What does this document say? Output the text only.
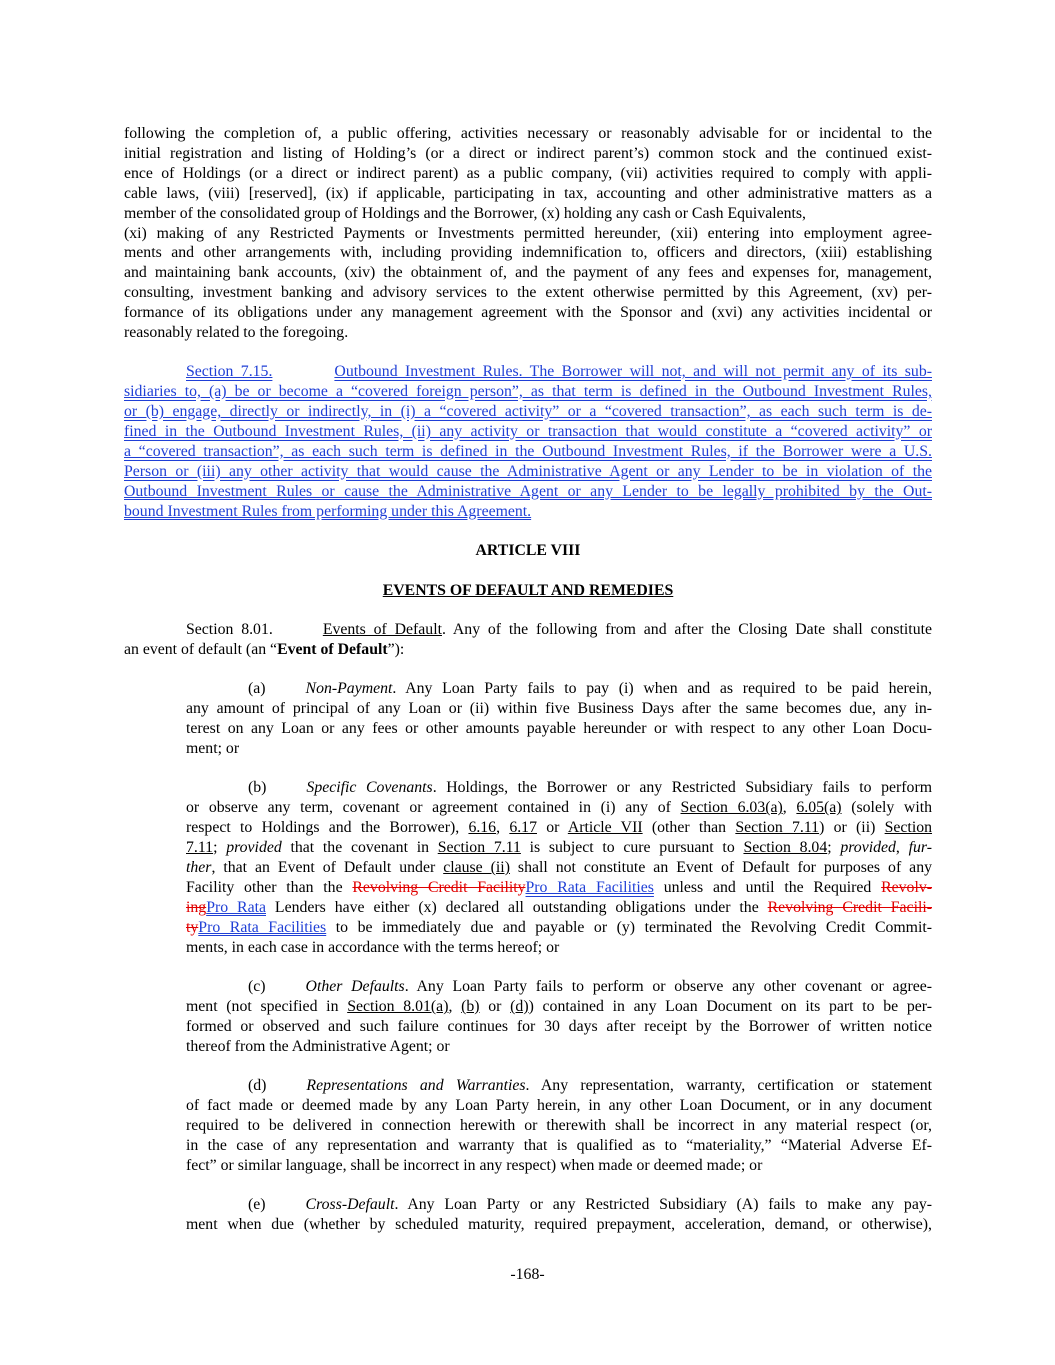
following the completion of, a public offering, activities necessary or reasonably advisable for or incidental to the
initial registration and listing of Holding’s (or a direct or indirect parent’s) common stock and the continued exist-
ence of Holdings (or a direct or indirect parent) as a public company, (vii) activities required to comply with appli-
cable laws, (viii) [reserved], (ix) if applicable, participating in tax, accounting and other administrative matters as a
member of the consolidated group of Holdings and the Borrower, (x) holding any cash or Cash Equivalents,
(xi) making of any Restricted Payments or Investments permitted hereunder, (xii) entering into employment agree-
ments and other arrangements with, including providing indemnification to, officers and directors, (xiii) establishing
and maintaining bank accounts, (xiv) the obtainment of, and the payment of any fees and expenses for, management,
consulting, investment banking and advisory services to the extent otherwise permitted by this Agreement, (xv) per-
formance of its obligations under any management agreement with the Sponsor and (xvi) any activities incidental or
reasonably related to the foregoing.
Section 7.15.	Outbound Investment Rules. The Borrower will not, and will not permit any of its sub-
sidiaries to, (a) be or become a “covered foreign person”, as that term is defined in the Outbound Investment Rules,
or (b) engage, directly or indirectly, in (i) a “covered activity” or a “covered transaction”, as each such term is de-
fined in the Outbound Investment Rules, (ii) any activity or transaction that would constitute a “covered activity” or
a “covered transaction”, as each such term is defined in the Outbound Investment Rules, if the Borrower were a U.S.
Person or (iii) any other activity that would cause the Administrative Agent or any Lender to be in violation of the
Outbound Investment Rules or cause the Administrative Agent or any Lender to be legally prohibited by the Out-
bound Investment Rules from performing under this Agreement.
ARTICLE VIII
EVENTS OF DEFAULT AND REMEDIES
Section 8.01.	Events of Default. Any of the following from and after the Closing Date shall constitute
an event of default (an “Event of Default”):
(a)	Non-Payment. Any Loan Party fails to pay (i) when and as required to be paid herein,
any amount of principal of any Loan or (ii) within five Business Days after the same becomes due, any in-
terest on any Loan or any fees or other amounts payable hereunder or with respect to any other Loan Docu-
ment; or
(b)	Specific Covenants. Holdings, the Borrower or any Restricted Subsidiary fails to perform
or observe any term, covenant or agreement contained in (i) any of Section 6.03(a), 6.05(a) (solely with
respect to Holdings and the Borrower), 6.16, 6.17 or Article VII (other than Section 7.11) or (ii) Section
7.11; provided that the covenant in Section 7.11 is subject to cure pursuant to Section 8.04; provided, fur-
ther, that an Event of Default under clause (ii) shall not constitute an Event of Default for purposes of any
Facility other than the Revolving Credit FacilityPro Rata Facilities unless and until the Required Revolv-
ingPro Rata Lenders have either (x) declared all outstanding obligations under the Revolving Credit Facili-
tyPro Rata Facilities to be immediately due and payable or (y) terminated the Revolving Credit Commit-
ments, in each case in accordance with the terms hereof; or
(c)	Other Defaults. Any Loan Party fails to perform or observe any other covenant or agree-
ment (not specified in Section 8.01(a), (b) or (d)) contained in any Loan Document on its part to be per-
formed or observed and such failure continues for 30 days after receipt by the Borrower of written notice
thereof from the Administrative Agent; or
(d)	Representations and Warranties. Any representation, warranty, certification or statement
of fact made or deemed made by any Loan Party herein, in any other Loan Document, or in any document
required to be delivered in connection herewith or therewith shall be incorrect in any material respect (or,
in the case of any representation and warranty that is qualified as to “materiality,” “Material Adverse Ef-
fect” or similar language, shall be incorrect in any respect) when made or deemed made; or
(e)	Cross-Default. Any Loan Party or any Restricted Subsidiary (A) fails to make any pay-
ment when due (whether by scheduled maturity, required prepayment, acceleration, demand, or otherwise),
-168-
